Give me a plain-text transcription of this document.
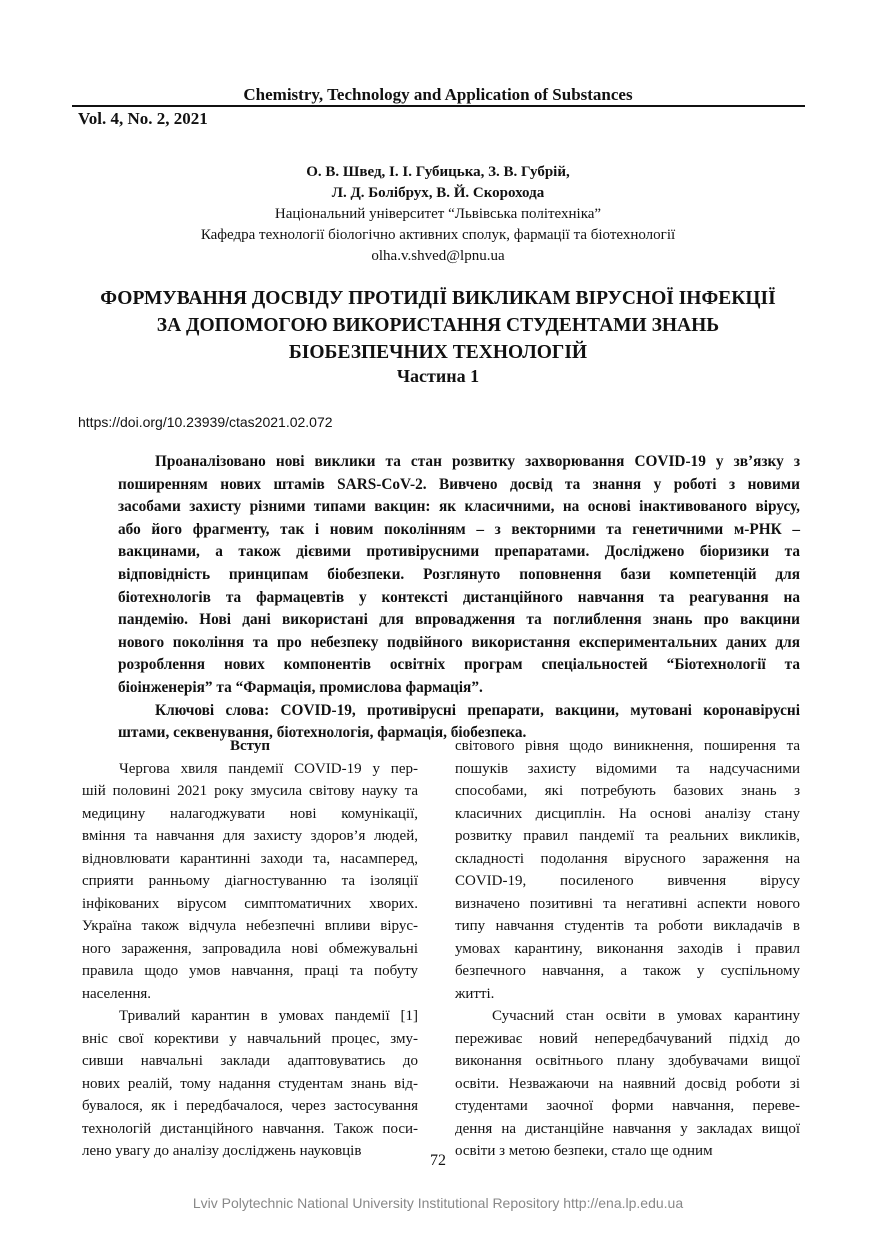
Chemistry, Technology and Application of Substances
Vol. 4, No. 2, 2021
О. В. Швед, І. І. Губицька, З. В. Губрій,
Л. Д. Болібрух, В. Й. Скорохода
Національний університет “Львівська політехніка”
Кафедра технології біологічно активних сполук, фармації та біотехнології
olha.v.shved@lpnu.ua
ФОРМУВАННЯ ДОСВІДУ ПРОТИДІЇ ВИКЛИКАМ ВІРУСНОЇ ІНФЕКЦІЇ
ЗА ДОПОМОГОЮ ВИКОРИСТАННЯ СТУДЕНТАМИ ЗНАНЬ
БІОБЕЗПЕЧНИХ ТЕХНОЛОГІЙ
Частина 1
https://doi.org/10.23939/ctas2021.02.072
Проаналізовано нові виклики та стан розвитку захворювання COVID-19 у зв’язку з
поширенням нових штамів SARS-CoV-2. Вивчено досвід та знання у роботі з новими
засобами захисту різними типами вакцин: як класичними, на основі інактивованого вірусу,
або його фрагменту, так і новим поколінням – з векторними та генетичними м-РНК –
вакцинами, а також дієвими противірусними препаратами. Досліджено біоризики та
відповідність принципам біобезпеки. Розглянуто поповнення бази компетенцій для
біотехнологів та фармацевтів у контексті дистанційного навчання та реагування на
пандемію. Нові дані використані для впровадження та поглиблення знань про вакцини
нового покоління та про небезпеку подвійного використання експериментальних даних для
розроблення нових компонентів освітніх програм спеціальностей “Біотехнології та
біоінженерія” та “Фармація, промислова фармація”.
Ключові слова: COVID-19, противірусні препарати, вакцини, мутовані коронавірусні
штами, секвенування, біотехнологія, фармація, біобезпека.
Вступ
Чергова хвиля пандемії COVID-19 у пер-
шій половині 2021 року змусила світову науку та
медицину налагоджувати нові комунікації,
вміння та навчання для захисту здоров’я людей,
відновлювати карантинні заходи та, насамперед,
сприяти ранньому діагностуванню та ізоляції
інфікованих вірусом симптоматичних хворих.
Україна також відчула небезпечні впливи вірус-
ного зараження, запровадила нові обмежувальні
правила щодо умов навчання, праці та побуту
населення.
Тривалий карантин в умовах пандемії [1]
вніс свої корективи у навчальний процес, зму-
сивши навчальні заклади адаптовуватись до
нових реалій, тому надання студентам знань від-
бувалося, як і передбачалося, через застосування
технологій дистанційного навчання. Також поси-
лено увагу до аналізу досліджень науковців
світового рівня щодо виникнення, поширення та
пошуків захисту відомими та надсучасними
способами, які потребують базових знань з
класичних дисциплін. На основі аналізу стану
розвитку правил пандемії та реальних викликів,
складності подолання вірусного зараження на
COVID-19, посиленого вивчення вірусу
визначено позитивні та негативні аспекти нового
типу навчання студентів та роботи викладачів в
умовах карантину, виконання заходів і правил
безпечного навчання, а також у суспільному
житті.
Сучасний стан освіти в умовах карантину
переживає новий непередбачуваний підхід до
виконання освітнього плану здобувачами вищої
освіти. Незважаючи на наявний досвід роботи зі
студентами заочної форми навчання, переве-
дення на дистанційне навчання у закладах вищої
освіти з метою безпеки, стало ще одним
72
Lviv Polytechnic National University Institutional Repository http://ena.lp.edu.ua
